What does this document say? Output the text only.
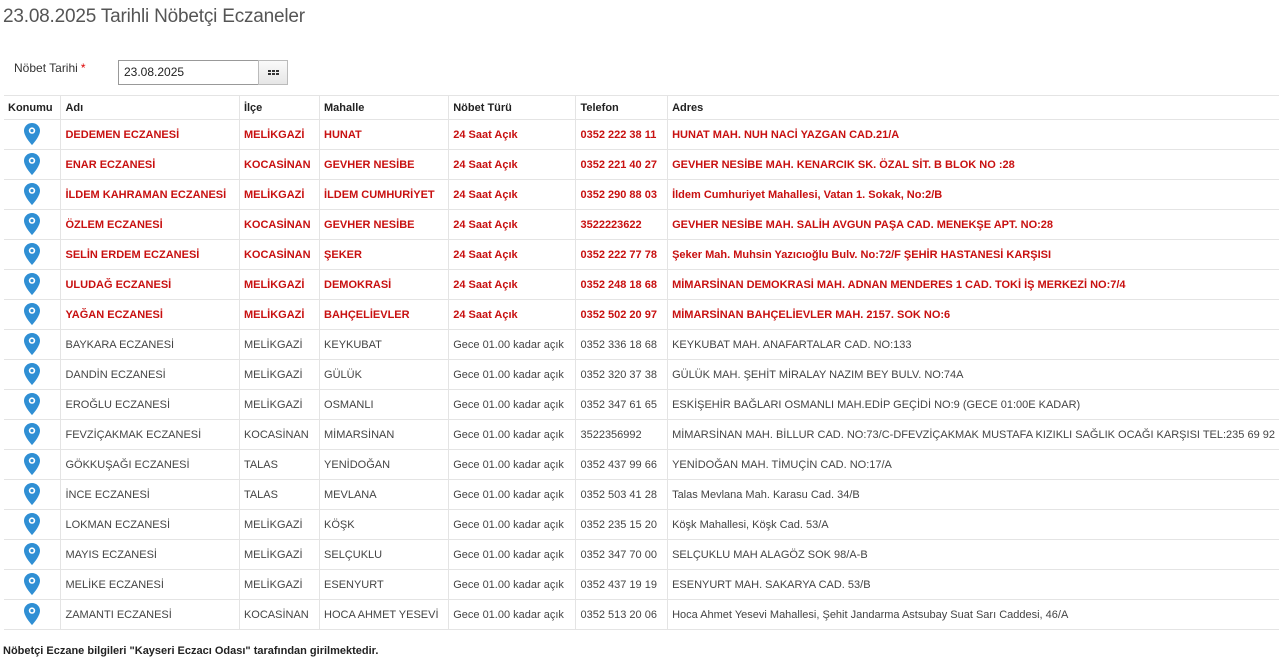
23.08.2025 Tarihli Nöbetçi Eczaneler
Nöbet Tarihi *
23.08.2025
Konumu	Adı	İlçe	Mahalle	Nöbet Türü	Telefon	Adres
	DEDEMEN ECZANESİ	MELİKGAZİ	HUNAT	24 Saat Açık	0352 222 38 11	HUNAT MAH. NUH NACİ YAZGAN CAD.21/A
	ENAR ECZANESİ	KOCASİNAN	GEVHER NESİBE	24 Saat Açık	0352 221 40 27	GEVHER NESİBE MAH. KENARCIK SK. ÖZAL SİT. B BLOK NO :28
	İLDEM KAHRAMAN ECZANESİ	MELİKGAZİ	İLDEM CUMHURİYET	24 Saat Açık	0352 290 88 03	İldem Cumhuriyet Mahallesi, Vatan 1. Sokak, No:2/B
	ÖZLEM ECZANESİ	KOCASİNAN	GEVHER NESİBE	24 Saat Açık	3522223622	GEVHER NESİBE MAH. SALİH AVGUN PAŞA CAD. MENEKŞE APT. NO:28
	SELİN ERDEM ECZANESİ	KOCASİNAN	ŞEKER	24 Saat Açık	0352 222 77 78	Şeker Mah. Muhsin Yazıcıoğlu Bulv. No:72/F ŞEHİR HASTANESİ KARŞISI
	ULUDAĞ ECZANESİ	MELİKGAZİ	DEMOKRASİ	24 Saat Açık	0352 248 18 68	MİMARSİNAN DEMOKRASİ MAH. ADNAN MENDERES 1 CAD. TOKİ İŞ MERKEZİ NO:7/4
	YAĞAN ECZANESİ	MELİKGAZİ	BAHÇELİEVLER	24 Saat Açık	0352 502 20 97	MİMARSİNAN BAHÇELİEVLER MAH. 2157. SOK NO:6
	BAYKARA ECZANESİ	MELİKGAZİ	KEYKUBAT	Gece 01.00 kadar açık	0352 336 18 68	KEYKUBAT MAH. ANAFARTALAR CAD. NO:133
	DANDİN ECZANESİ	MELİKGAZİ	GÜLÜK	Gece 01.00 kadar açık	0352 320 37 38	GÜLÜK MAH. ŞEHİT MİRALAY NAZIM BEY BULV. NO:74A
	EROĞLU ECZANESİ	MELİKGAZİ	OSMANLI	Gece 01.00 kadar açık	0352 347 61 65	ESKİŞEHİR BAĞLARI OSMANLI MAH.EDİP GEÇİDİ NO:9 (GECE 01:00E KADAR)
	FEVZİÇAKMAK ECZANESİ	KOCASİNAN	MİMARSİNAN	Gece 01.00 kadar açık	3522356992	MİMARSİNAN MAH. BİLLUR CAD. NO:73/C-DFEVZİÇAKMAK MUSTAFA KIZIKLI SAĞLIK OCAĞI KARŞISI TEL:235 69 92
	GÖKKUŞAĞI ECZANESİ	TALAS	YENİDOĞAN	Gece 01.00 kadar açık	0352 437 99 66	YENİDOĞAN MAH. TİMUÇİN CAD. NO:17/A
	İNCE ECZANESİ	TALAS	MEVLANA	Gece 01.00 kadar açık	0352 503 41 28	Talas Mevlana Mah. Karasu Cad. 34/B
	LOKMAN ECZANESİ	MELİKGAZİ	KÖŞK	Gece 01.00 kadar açık	0352 235 15 20	Köşk Mahallesi, Köşk Cad. 53/A
	MAYIS ECZANESİ	MELİKGAZİ	SELÇUKLU	Gece 01.00 kadar açık	0352 347 70 00	SELÇUKLU MAH ALAGÖZ SOK 98/A-B
	MELİKE ECZANESİ	MELİKGAZİ	ESENYURT	Gece 01.00 kadar açık	0352 437 19 19	ESENYURT MAH. SAKARYA CAD. 53/B
	ZAMANTI ECZANESİ	KOCASİNAN	HOCA AHMET YESEVİ	Gece 01.00 kadar açık	0352 513 20 06	Hoca Ahmet Yesevi Mahallesi, Şehit Jandarma Astsubay Suat Sarı Caddesi, 46/A
Nöbetçi Eczane bilgileri "Kayseri Eczacı Odası" tarafından girilmektedir.
